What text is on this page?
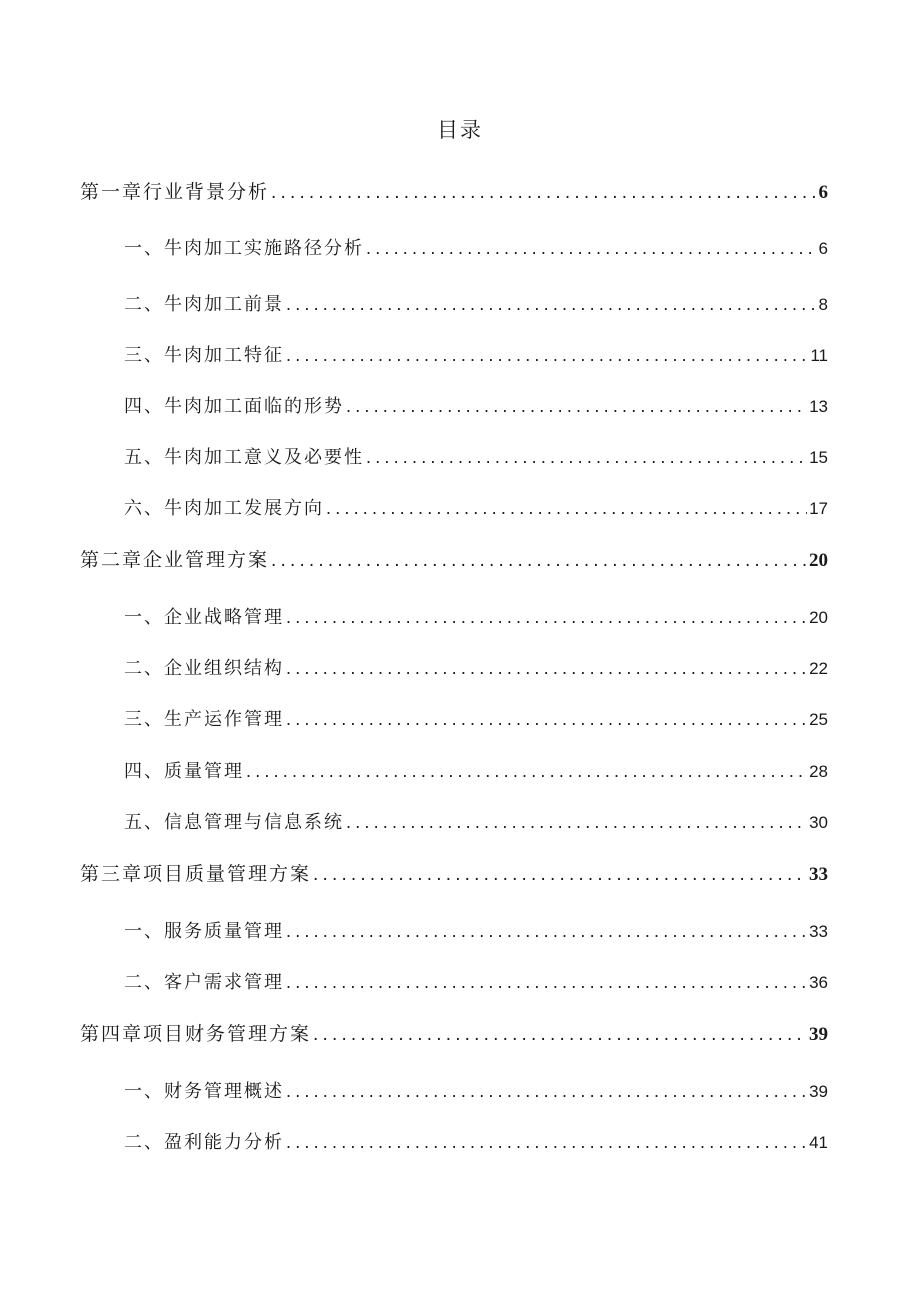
目录
第一章行业背景分析 .....	6
一、牛肉加工实施路径分析 .....	6
二、牛肉加工前景 .....	8
三、牛肉加工特征 .....	11
四、牛肉加工面临的形势 .....	13
五、牛肉加工意义及必要性 .....	15
六、牛肉加工发展方向 .....	17
第二章企业管理方案 .....	20
一、企业战略管理 .....	20
二、企业组织结构 .....	22
三、生产运作管理 .....	25
四、质量管理 .....	28
五、信息管理与信息系统 .....	30
第三章项目质量管理方案 .....	33
一、服务质量管理 .....	33
二、客户需求管理 .....	36
第四章项目财务管理方案 .....	39
一、财务管理概述 .....	39
二、盈利能力分析 .....	41
